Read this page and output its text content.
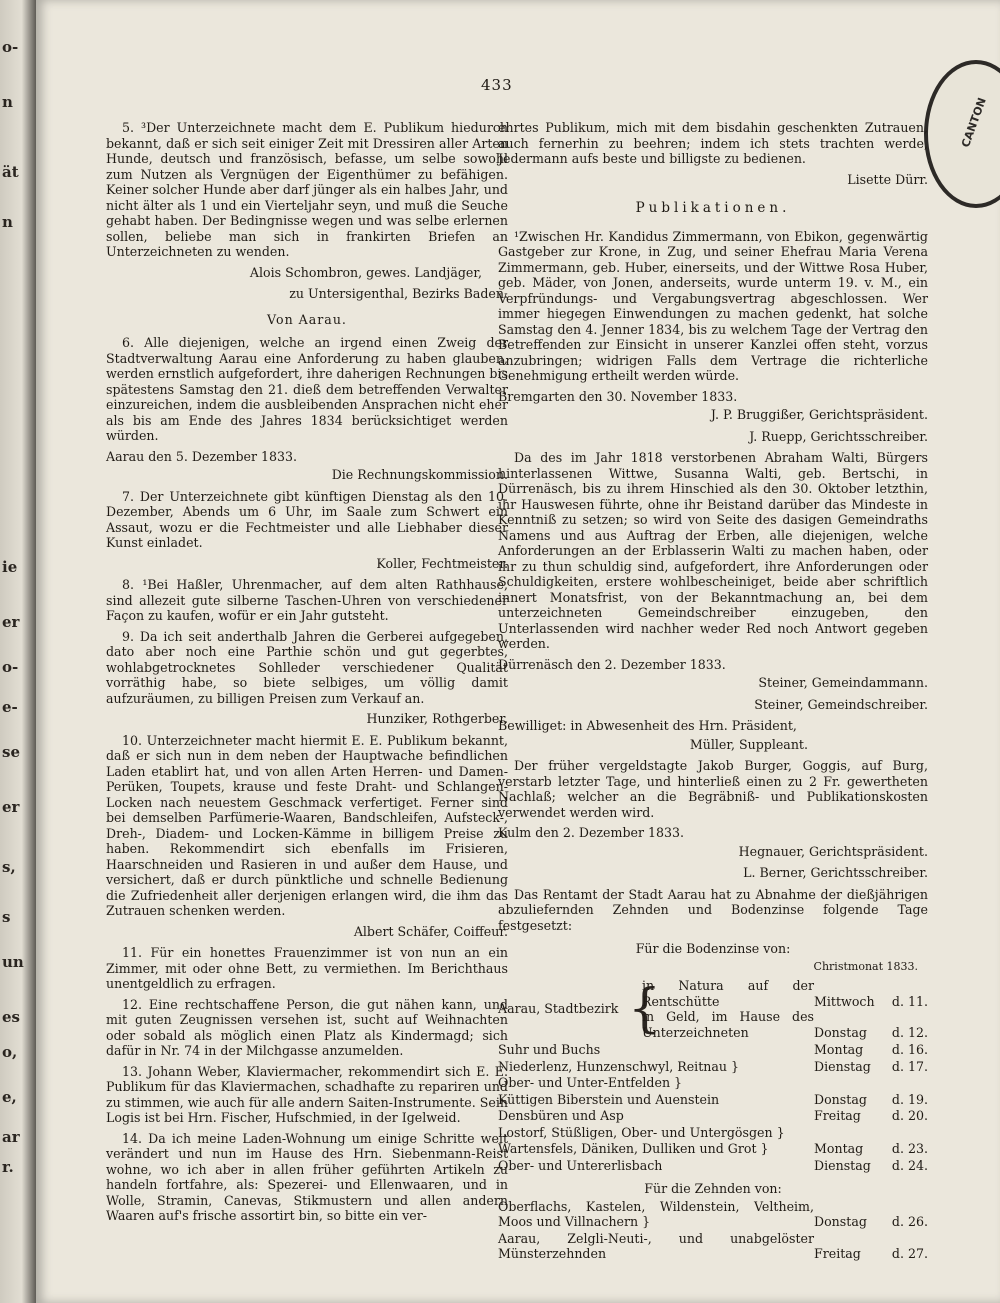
o-
n
ät
n
ie
er
o-
e-
se
er
s,
s
un
es
o,
e,
ar
r.
CANTON
433

5. ³Der Unterzeichnete macht dem E. Publikum hiedurch bekannt, daß er sich seit einiger Zeit mit Dressiren aller Arten Hunde, deutsch und französisch, befasse, um selbe sowohl zum Nutzen als Vergnügen der Eigenthümer zu befähigen. Keiner solcher Hunde aber darf jünger als ein halbes Jahr, und nicht älter als 1 und ein Vierteljahr seyn, und muß die Seuche gehabt haben. Der Bedingnisse wegen und was selbe erlernen sollen, beliebe man sich in frankirten Briefen an Unterzeichneten zu wenden.

Alois Schombron, gewes. Landjäger,
zu Untersigenthal, Bezirks Baden.
Von Aarau.

6. Alle diejenigen, welche an irgend einen Zweig der Stadtverwaltung Aarau eine Anforderung zu haben glauben, werden ernstlich aufgefordert, ihre daherigen Rechnungen bis spätestens Samstag den 21. dieß dem betreffenden Verwalter einzureichen, indem die ausbleibenden Ansprachen nicht eher als bis am Ende des Jahres 1834 berücksichtiget werden würden.

Aarau den 5. Dezember 1833.
Die Rechnungskommission.

7. Der Unterzeichnete gibt künftigen Dienstag als den 10. Dezember, Abends um 6 Uhr, im Saale zum Schwert ein Assaut, wozu er die Fechtmeister und alle Liebhaber dieser Kunst einladet.

Koller, Fechtmeister.

8. ¹Bei Haßler, Uhrenmacher, auf dem alten Rathhause, sind allezeit gute silberne Taschen-Uhren von verschiedener Façon zu kaufen, wofür er ein Jahr gutsteht.

9. Da ich seit anderthalb Jahren die Gerberei aufgegeben, dato aber noch eine Parthie schön und gut gegerbtes, wohlabgetrocknetes Sohlleder verschiedener Qualität vorräthig habe, so biete selbiges, um völlig damit aufzuräumen, zu billigen Preisen zum Verkauf an.

Hunziker, Rothgerber.

10. Unterzeichneter macht hiermit E. E. Publikum bekannt, daß er sich nun in dem neben der Hauptwache befindlichen Laden etablirt hat, und von allen Arten Herren- und Damen-Perüken, Toupets, krause und feste Draht- und Schlangen-Locken nach neuestem Geschmack verfertiget. Ferner sind bei demselben Parfümerie-Waaren, Bandschleifen, Aufsteck-, Dreh-, Diadem- und Locken-Kämme in billigem Preise zu haben. Rekommendirt sich ebenfalls im Frisieren, Haarschneiden und Rasieren in und außer dem Hause, und versichert, daß er durch pünktliche und schnelle Bedienung die Zufriedenheit aller derjenigen erlangen wird, die ihm das Zutrauen schenken werden.

Albert Schäfer, Coiffeur.

11. Für ein honettes Frauenzimmer ist von nun an ein Zimmer, mit oder ohne Bett, zu vermiethen. Im Berichthaus unentgeldlich zu erfragen.

12. Eine rechtschaffene Person, die gut nähen kann, und mit guten Zeugnissen versehen ist, sucht auf Weihnachten oder sobald als möglich einen Platz als Kindermagd; sich dafür in Nr. 74 in der Milchgasse anzumelden.

13. Johann Weber, Klaviermacher, rekommendirt sich E. E. Publikum für das Klaviermachen, schadhafte zu repariren und zu stimmen, wie auch für alle andern Saiten-Instrumente. Sein Logis ist bei Hrn. Fischer, Hufschmied, in der Igelweid.

14. Da ich meine Laden-Wohnung um einige Schritte weit verändert und nun im Hause des Hrn. Siebenmann-Reist wohne, wo ich aber in allen früher geführten Artikeln zu handeln fortfahre, als: Spezerei- und Ellenwaaren, und in Wolle, Stramin, Canevas, Stikmustern und allen andern Waaren auf's frische assortirt bin, so bitte ein ver-

ehrtes Publikum, mich mit dem bisdahin geschenkten Zutrauen, auch fernerhin zu beehren; indem ich stets trachten werde, Jedermann aufs beste und billigste zu bedienen.

Lisette Dürr.
Publikationen.

¹Zwischen Hr. Kandidus Zimmermann, von Ebikon, gegenwärtig Gastgeber zur Krone, in Zug, und seiner Ehefrau Maria Verena Zimmermann, geb. Huber, einerseits, und der Wittwe Rosa Huber, geb. Mäder, von Jonen, anderseits, wurde unterm 19. v. M., ein Verpfründungs- und Vergabungsvertrag abgeschlossen. Wer immer hiegegen Einwendungen zu machen gedenkt, hat solche Samstag den 4. Jenner 1834, bis zu welchem Tage der Vertrag den Betreffenden zur Einsicht in unserer Kanzlei offen steht, vorzus anzubringen; widrigen Falls dem Vertrage die richterliche Genehmigung ertheilt werden würde.

Bremgarten den 30. November 1833.
J. P. Bruggißer, Gerichtspräsident.
J. Ruepp, Gerichtsschreiber.

Da des im Jahr 1818 verstorbenen Abraham Walti, Bürgers hinterlassenen Wittwe, Susanna Walti, geb. Bertschi, in Dürrenäsch, bis zu ihrem Hinschied als den 30. Oktober letzthin, ihr Hauswesen führte, ohne ihr Beistand darüber das Mindeste in Kenntniß zu setzen; so wird von Seite des dasigen Gemeindraths Namens und aus Auftrag der Erben, alle diejenigen, welche Anforderungen an der Erblasserin Walti zu machen haben, oder ihr zu thun schuldig sind, aufgefordert, ihre Anforderungen oder Schuldigkeiten, erstere wohlbescheiniget, beide aber schriftlich innert Monatsfrist, von der Bekanntmachung an, bei dem unterzeichneten Gemeindschreiber einzugeben, den Unterlassenden wird nachher weder Red noch Antwort gegeben werden.

Dürrenäsch den 2. Dezember 1833.
Steiner, Gemeindammann.
Steiner, Gemeindschreiber.
Bewilliget: in Abwesenheit des Hrn. Präsident,
Müller, Suppleant.

Der früher vergeldstagte Jakob Burger, Goggis, auf Burg, verstarb letzter Tage, und hinterließ einen zu 2 Fr. gewertheten Nachlaß; welcher an die Begräbniß- und Publikationskosten verwendet werden wird.

Kulm den 2. Dezember 1833.
Hegnauer, Gerichtspräsident.
L. Berner, Gerichtsschreiber.

Das Rentamt der Stadt Aarau hat zu Abnahme der dießjährigen abzuliefernden Zehnden und Bodenzinse folgende Tage festgesetzt:

Für die Bodenzinse von:
Christmonat 1833.
Aarau, Stadtbezirk {
in Natura auf der Rentschütte	Mittwoch	d. 11.
in Geld, im Hause des Unterzeichneten	Donstag	d. 12.
Suhr und Buchs	Montag	d. 16.
Niederlenz, Hunzenschwyl, Reitnau }	Dienstag	d. 17.
Ober- und Unter-Entfelden }
Küttigen Biberstein und Auenstein	Donstag	d. 19.
Densbüren und Asp	Freitag	d. 20.
Lostorf, Stüßligen, Ober- und Untergösgen }
Wartensfels, Däniken, Dulliken und Grot }	Montag	d. 23.
Ober- und Untererlisbach	Dienstag	d. 24.
Für die Zehnden von:
Oberflachs, Kastelen, Wildenstein, Veltheim, Moos und Villnachern }	Donstag	d. 26.
Aarau, Zelgli-Neuti-, und unabgelöster Münsterzehnden	Freitag	d. 27.
